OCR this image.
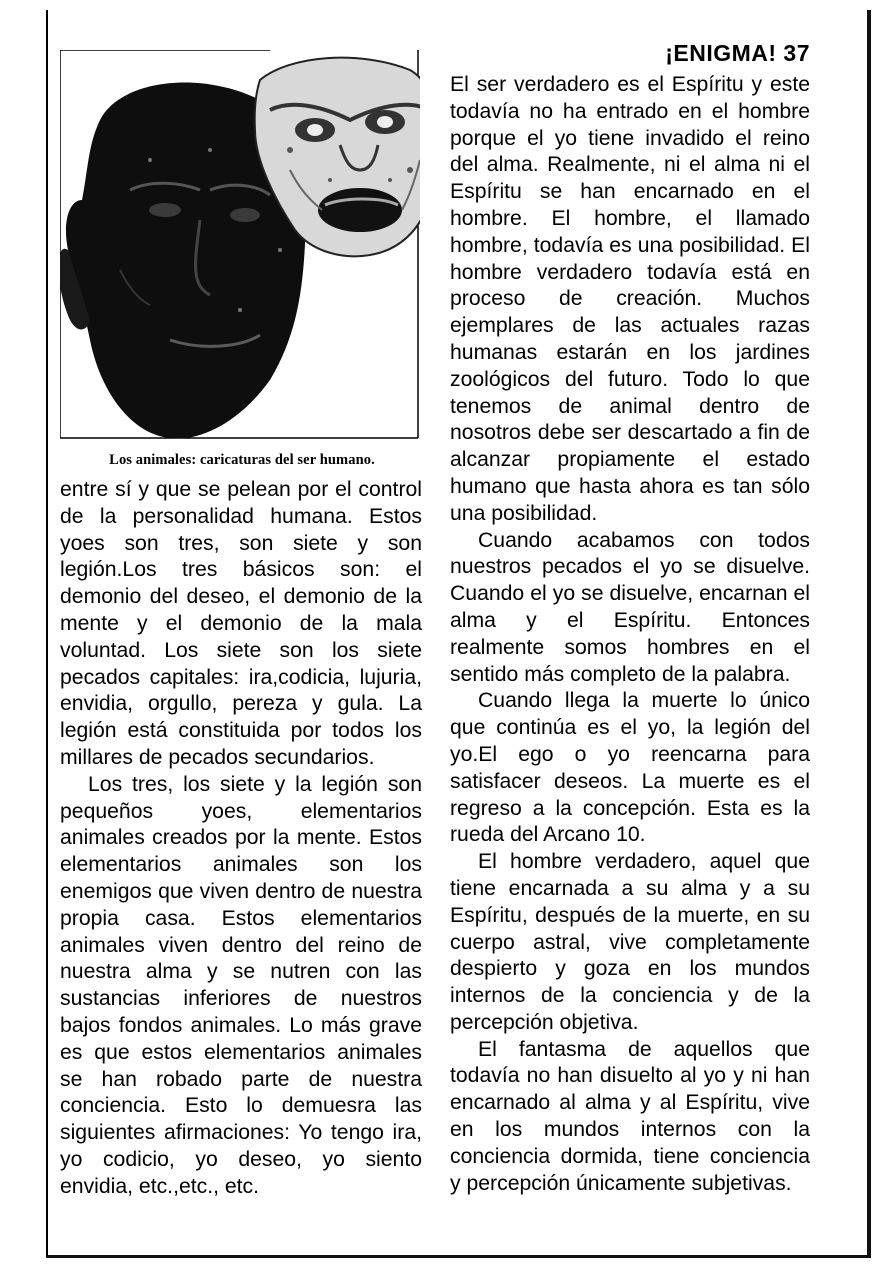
¡ENIGMA! 37
Los animales: caricaturas del ser humano.

entre sí y que se pelean por el control de la personalidad humana. Estos yoes son tres, son siete y son legión.Los tres básicos son: el demonio del deseo, el demonio de la mente y el demonio de la mala voluntad. Los siete son los siete pecados capitales: ira,codicia, lujuria, envidia, orgullo, pereza y gula. La legión está constituida por todos los millares de pecados secundarios.

Los tres, los siete y la legión son pequeños yoes, elementarios animales creados por la mente. Estos elementarios animales son los enemigos que viven dentro de nuestra propia casa. Estos elementarios animales viven dentro del reino de nuestra alma y se nutren con las sustancias inferiores de nuestros bajos fondos animales. Lo más grave es que estos elementarios animales se han robado parte de nuestra conciencia. Esto lo demuesra las siguientes afirmaciones: Yo tengo ira, yo codicio, yo deseo, yo siento envidia, etc.,etc., etc.

El ser verdadero es el Espíritu y este todavía no ha entrado en el hombre porque el yo tiene invadido el reino del alma. Realmente, ni el alma ni el Espíritu se han encarnado en el hombre. El hombre, el llamado hombre, todavía es una posibilidad. El hombre verdadero todavía está en proceso de creación. Muchos ejemplares de las actuales razas humanas estarán en los jardines zoológicos del futuro. Todo lo que tenemos de animal dentro de nosotros debe ser descartado a fin de alcanzar propiamente el estado humano que hasta ahora es tan sólo una posibilidad.

Cuando acabamos con todos nuestros pecados el yo se disuelve. Cuando el yo se disuelve, encarnan el alma y el Espíritu. Entonces realmente somos hombres en el sentido más completo de la palabra.

Cuando llega la muerte lo único que continúa es el yo, la legión del yo.El ego o yo reencarna para satisfacer deseos. La muerte es el regreso a la concepción. Esta es la rueda del Arcano 10.

El hombre verdadero, aquel que tiene encarnada a su alma y a su Espíritu, después de la muerte, en su cuerpo astral, vive completamente despierto y goza en los mundos internos de la conciencia y de la percepción objetiva.

El fantasma de aquellos que todavía no han disuelto al yo y ni han encarnado al alma y al Espíritu, vive en los mundos internos con la conciencia dormida, tiene conciencia y percepción únicamente subjetivas.
